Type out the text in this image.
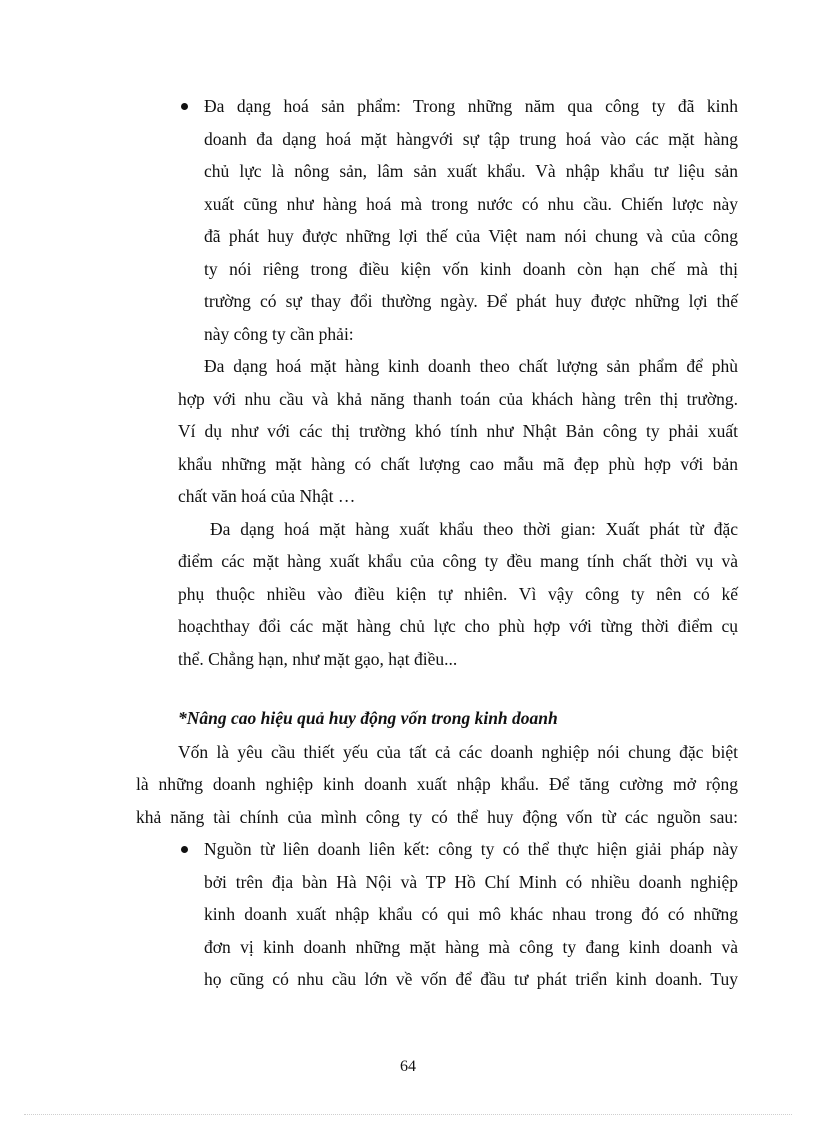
Đa dạng hoá sản phẩm: Trong những năm qua công ty đã kinh
doanh đa dạng hoá mặt hàngvới sự tập trung hoá vào các mặt hàng
chủ lực là nông sản, lâm sản xuất khẩu. Và nhập khẩu tư liệu sản
xuất cũng như hàng hoá mà trong nước có nhu cầu. Chiến lược này
đã phát huy được những lợi thế của Việt nam nói chung và của công
ty nói riêng trong điều kiện vốn kinh doanh còn hạn chế mà thị
trường có sự thay đổi thường ngày. Để phát huy được những lợi thế
này công ty cần phải:
Đa dạng hoá mặt hàng kinh doanh theo chất lượng sản phẩm để phù
hợp với nhu cầu và khả năng thanh toán của khách hàng trên thị trường.
Ví dụ như với các thị trường khó tính như Nhật Bản công ty phải xuất
khẩu những mặt hàng có chất lượng cao mẫu mã đẹp phù hợp với bản
chất văn hoá của Nhật …
Đa dạng hoá mặt hàng xuất khẩu theo thời gian: Xuất phát từ đặc
điểm các mặt hàng xuất khẩu của công ty đều mang tính chất thời vụ và
phụ thuộc nhiều vào điều kiện tự nhiên. Vì vậy công ty nên có kế
hoạchthay đổi các mặt hàng chủ lực cho phù hợp với từng thời điểm cụ
thể. Chẳng hạn, như mặt gạo, hạt điều...
*Nâng cao hiệu quả huy động vốn trong kinh doanh
Vốn là yêu cầu thiết yếu của tất cả các doanh nghiệp nói chung đặc biệt
là những doanh nghiệp kinh doanh xuất nhập khẩu. Để tăng cường mở rộng
khả năng tài chính của mình công ty có thể huy động vốn từ các nguồn sau:
Nguồn từ liên doanh liên kết: công ty có thể thực hiện giải pháp này
bởi trên địa bàn Hà Nội và TP Hồ Chí Minh có nhiều doanh nghiệp
kinh doanh xuất nhập khẩu có qui mô khác nhau trong đó có những
đơn vị kinh doanh những mặt hàng mà công ty đang kinh doanh và
họ cũng có nhu cầu lớn về vốn để đầu tư phát triển kinh doanh. Tuy
64
